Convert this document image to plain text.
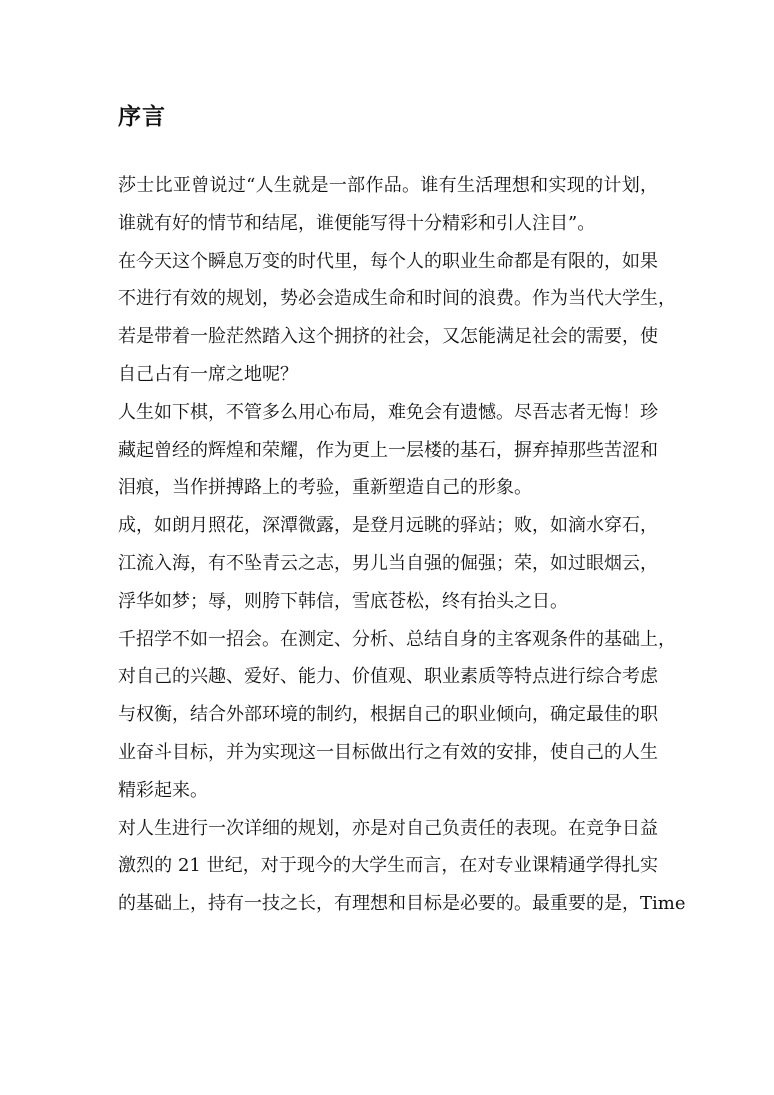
序言
莎士比亚曾说过“人生就是一部作品。谁有生活理想和实现的计划，
谁就有好的情节和结尾，谁便能写得十分精彩和引人注目”。
在今天这个瞬息万变的时代里，每个人的职业生命都是有限的，如果
不进行有效的规划，势必会造成生命和时间的浪费。作为当代大学生，
若是带着一脸茫然踏入这个拥挤的社会，又怎能满足社会的需要，使
自己占有一席之地呢？
人生如下棋，不管多么用心布局，难免会有遗憾。尽吾志者无悔！珍
藏起曾经的辉煌和荣耀，作为更上一层楼的基石，摒弃掉那些苦涩和
泪痕，当作拼搏路上的考验，重新塑造自己的形象。
成，如朗月照花，深潭微露，是登月远眺的驿站；败，如滴水穿石，
江流入海，有不坠青云之志，男儿当自强的倔强；荣，如过眼烟云，
浮华如梦；辱，则胯下韩信，雪底苍松，终有抬头之日。
千招学不如一招会。在测定、分析、总结自身的主客观条件的基础上，
对自己的兴趣、爱好、能力、价值观、职业素质等特点进行综合考虑
与权衡，结合外部环境的制约，根据自己的职业倾向，确定最佳的职
业奋斗目标，并为实现这一目标做出行之有效的安排，使自己的人生
精彩起来。
对人生进行一次详细的规划，亦是对自己负责任的表现。在竞争日益
激烈的 21 世纪，对于现今的大学生而言，在对专业课精通学得扎实
的基础上，持有一技之长，有理想和目标是必要的。最重要的是，Time
